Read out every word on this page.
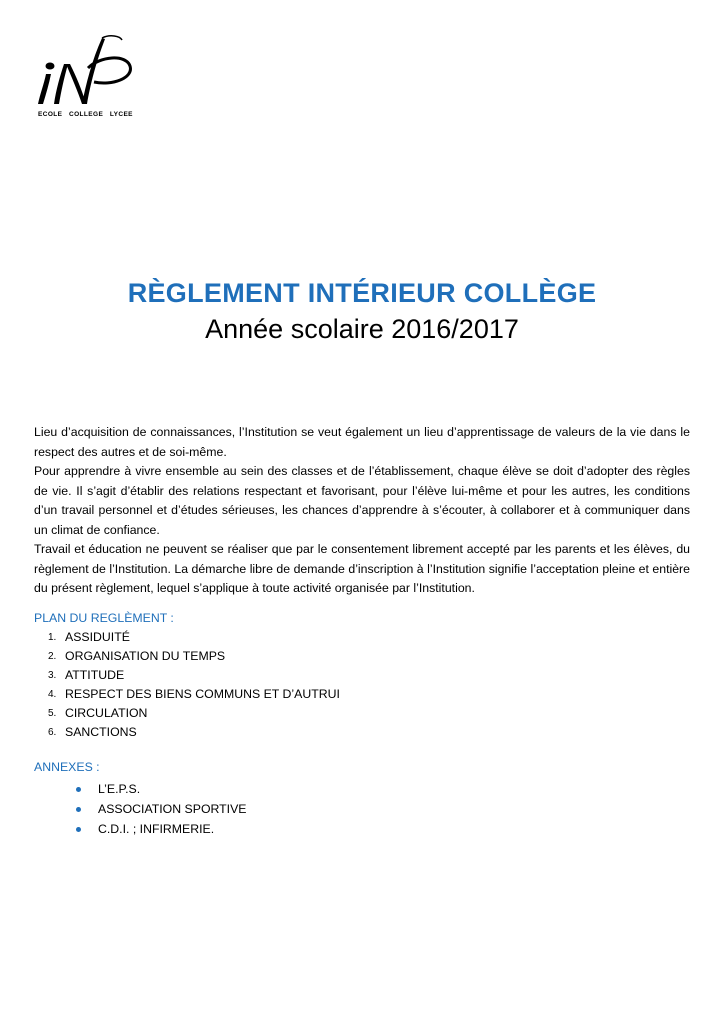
ECOLE   COLLEGE   LYCEE
RÈGLEMENT INTÉRIEUR COLLÈGE
Année scolaire 2016/2017

Lieu d’acquisition de connaissances, l’Institution se veut également un lieu d’apprentissage de valeurs de la vie dans le respect des autres et de soi-même.

Pour apprendre à vivre ensemble au sein des classes et de l’établissement, chaque élève se doit d’adopter des règles de vie. Il s’agit d’établir des relations respectant et favorisant, pour l’élève lui-même et pour les autres, les conditions d’un travail personnel et d’études sérieuses, les chances d’apprendre à s’écouter, à collaborer et à communiquer dans un climat de confiance.

Travail et éducation ne peuvent se réaliser que par le consentement librement accepté par les parents et les élèves, du règlement de l’Institution. La démarche libre de demande d’inscription à l’Institution signifie l’acceptation pleine et entière du présent règlement, lequel s’applique à toute activité organisée par l’Institution.

PLAN DU REGLÈMENT :
1. ASSIDUITÉ
2. ORGANISATION DU TEMPS
3. ATTITUDE
4. RESPECT DES BIENS COMMUNS ET D’AUTRUI
5. CIRCULATION
6. SANCTIONS
ANNEXES :
L’E.P.S.
ASSOCIATION SPORTIVE
C.D.I. ; INFIRMERIE.
